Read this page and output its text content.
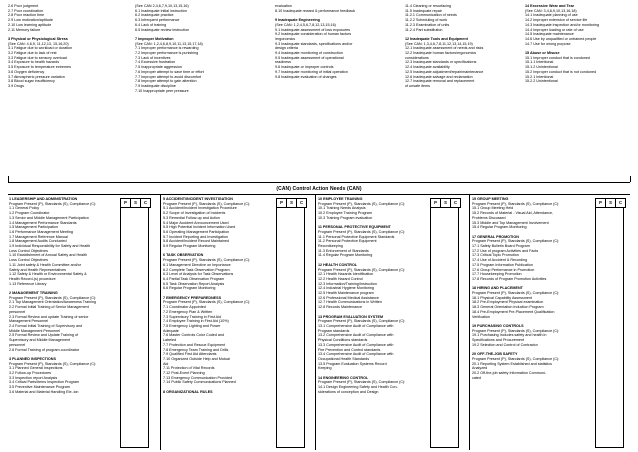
2.6 Poor judgment
2.7 Poor coordination
2.8 Poor reaction time
2.9 Low motivation/aptitude
2.10 Low learning aptitude
2.11 Memory failure

3 Physical or Physiological Stress
(See CAN: 4,6,9, 11,12,13, 15,16,20)
3.1 Fatigue due to workload or duration
3.2 Fatigue due to lack of rest
3.3 Fatigue due to sensory overload
3.4 Exposure to health hazards
3.5 Exposure to temperature extremes
3.6 Oxygen deficiency
3.7 Atmospheric pressure variation
3.8 Blood sugar insufficiency
3.9 Drugs
(See CAN 2,4,6,7,9,10,13,15,16)
6.1 Inadequate initial instruction
6.2 Inadequate practice
6.3 Infrequent performance
6.4 Lack of training
6.5 Inadequate review instruction

7 Improper Motivation
(See CAN: 1,2,4,6,8,9,10,11,13,15,17,18)
7.1 Improper performance is rewarding
7.2 Improper performance is punishing
7.3 Lack of incentives
7.4 Excessive frustration
7.5 Inappropriate aggression
7.6 Improper attempt to save time or effort
7.7 Improper attempt to avoid discomfort
7.8 Improper attempt to gain attention
7.9 Inadequate discipline
7.10 Inappropriate peer pressure
evaluation
8.10 Inadequate reward & performance feedback

9 Inadequate Engineering
(See CAN: 1,2,4,5,6,7,8,12,13,15,16)
9.1 Inadequate assessment of loss exposures
9.2 Inadequate consideration of human factors
/ergonomics
9.3 Inadequate standards, specifications and/or
design criteria
9.4 Inadequate monitoring of construction
9.5 Inadequate assessment of operational
readiness
9.6 Inadequate or improper controls
9.7 Inadequate monitoring of initial operation
9.8 Inadequate evaluation of changes
11.4 Cleaning or resurfacing
11.5 Inadequate repair
11.2.1 Communication of needs
11.2.2 Scheduling of work
11.2.3 Examination of units
11.2.4 Part substitution

12 Inadequate Tools and Equipment
(See CAN: 1,3,4,6,7,8,11,12,13,14,15,19)
12.1 Inadequate assessment of needs and risks
12.2 Inadequate human factors/ergonomics
considerations
12.3 Inadequate standards or specifications
12.4 Inadequate availability
12.5 Inadequate adjustment/repair/maintenance
12.6 Inadequate salvage and reclamation
12.7 Inadequate removal and replacement
of unsafe items
14 Excessive Wear and Tear
(See CAN: 3,4,8,9,10,13,16,18)
14.1 Inadequate planning of use
14.2 Improper extension of service life
14.3 Inadequate inspection and/or monitoring
14.4 Improper loading or rate of use
14.5 Inadequate maintenance
14.6 Use by unqualified or untrained people
14.7 Use for wrong purpose

15 Abuse or Misuse
15.1 Improper conduct that is condoned
15.1.1 Intentional
15.1.2 Unintentional
15.2 Improper conduct that is not condoned
15.2.1 Intentional
15.2.2 Unintentional
(CAN) Control Action Needs (CAN)
1 LEADERSHIP AND ADMINISTRATION
Program Present (P), Standards (S), Compliance (C):
1.1 General Policy
1.2 Program Coordinator
1.3 Senior and Middle Management Participation
1.4 Management Performance Standards
1.5 Management Participation
1.6 Performance Management Meeting
1.7 Management Reference Manual
1.8 Management Audits Conducted
1.9 Individual Responsibility for Safety and Health
Loss Control Objectives
1.10 Establishment of Annual Safety and Health
Loss Control Objectives
1.11 Joint safety & Health Committee and/or
Safety and Health Representatives
1.12 Safety & Health or Environmental Safety &
Health Record-(s) procedure
1.13 Reference Library

2 MANAGEMENT TRAINING
Program Present (P), Standards (S), Compliance (C):
2.1 Top Management Orientation/Awareness Training
2.2 Formal Initial Training of Senior Management
personnel
2.3 Formal Review and update Training of senior
Management Personnel
2.4 Formal Initial Training of Supervisory and
Middle Management Personnel
2.5 Formal Review and Update Training of
Supervisory and Middle Management
personnel
2.6 Formal Training of program coordinator

3 PLANNED INSPECTIONS
Program Present (P), Standards (S), Compliance (C):
3.1 Planned General Inspections
3.2 Follow-up Procedures
3.3 Inspection report Analysis
3.4 Critical Parts/Items Inspection Program
3.5 Preventive Maintenance Program
3.6 Material and Material Handling Ele..ion
5 ACCIDENT/INCIDENT INVESTIGATION
Program Present (P), Standards (S), Compliance (C):
5.1 Accident/Incident Investigation Procedure
5.2 Scope of Investigation of Incidents
5.3 Remedial Follow-up and Action
5.4 Major Accident Announcement Used
5.5 High Potential Incident Information Used
5.6 Operating Management Participation
5.7 Incident Reporting and Investigation
5.8 Accident/Incident Record Maintained
5.9 Regular Program Monitoring

6 TASK OBSERVATION
Program Present (P), Standards (S), Compliance (C):
6.1 Management Directive on Importance
6.2 Complete Task Observation Program
6.3 Level of Analysis for Task Observations
6.4 Partial Task Observation Program
6.5 Task Observation Report Analysis
6.6 Regular Program Monitoring

7 EMERGENCY PREPAREDNESS
Program Present (P), Standards (S), Compliance (C):
7.1 Coordinator Appointed
7.2 Emergency Plan & Written
7.3 Supervisory Training in First Aid
7.4 Employee Training in First Aid (10%)
7.5 Emergency Lighting and Power
Adequate
7.6 Master Controls Color Coded and
Labeled
7.7 Protection and Rescue Equipment
7.8 Emergency Team Training and Drills
7.9 Qualified First Aid Attendants
7.10 Organized Outside Help and Mutual
Aid
7.11 Protection of Vital Records
7.12 Post-Event Planning
7.13 Emergency Communication Provided
7.14 Public Safety Communications Planned

8 ORGANIZATIONAL RULES
10 EMPLOYEE TRAINING
Program Present (P), Standards (S), Compliance (C):
10.1 Training Needs Analysis
10.2 Employee Training Program
10.3 Training Program evaluation

11 PERSONAL PROTECTIVE EQUIPMENT
Program Present (P), Standards (S), Compliance (C):
11.1 Personal Protective Equipment Standards
11.2 Personal Protective Equipment
Recordkeeping
11.3 Enforcement of Standards
11.4 Regular Program Monitoring

12 HEALTH CONTROL
Program Present (P), Standards (S), Compliance (C):
12.1 Health Hazards Identification
12.2 Health Hazard Control
12.3 Information/Training/Instruction
12.4 Industrial Hygiene Monitoring
12.5 Health Maintenance program
12.6 Professional Medical Assistance
12.7 Health Communications in Written
12.8 Records Maintenance

13 PROGRAM EVALUATION SYSTEM
Program Present (P), Standards (S), Compliance (C):
13.1 Comprehensive Audit of Compliance with
Program standards
13.2 Comprehensive Audit of Compliance with
Physical Conditions standards
13.3 Comprehensive Audit of Compliance with
Fire Prevention and Control standards
13.4 Comprehensive Audit of Compliance with
Occupational Health Standards
13.5 Program Evaluation Systems Record
Keeping

14 ENGINEERING CONTROL
Program Present (P), Standards (S), Compliance (C):
14.1 Design Engineering Safety and Health Con-
siderations of conception and Design
15 GROUP MEETING
Program Present (P), Standards (S), Compliance (C):
15.1 Group Meeting Held
15.2 Records of Material - Visual Aid, Attendance,
Problems Discussed
15.3 Middle and Top Management Involvement
15.4 Regular Program Monitoring

17 GENERAL PROMOTION
Program Present (P), Standards (S), Compliance (C):
17.1 Safety Bulletin Board Program
17.2 Use of program Activities and Facts
17.3 Critical Topic Promotion
17.4 Use of Accident & Recording
17.5 Program Information Publication
17.6 Group Performance in Promotion
17.7 Housekeeping Promotion
17.8 Records of Program Promotion Activities

18 HIRING AND PLACEMENT
Program Present (P), Standards (S), Compliance (C):
18.1 Physical Capability Assessment
18.2 Pre-Employment Physical examination
18.3 General Orientation Induction Program
18.4 Pre-Employment Pre-Placement Qualification
Verification

19 PURCHASING CONTROLS
Program Present (P), Standards (S), Compliance (C):
19.1 Purchasing Includes safety and health in
Specifications and Procurement
19.2 Selection and Control of Contractor

20 OFF-THE-JOB SAFETY
Program Present (P), Standards (S), Compliance (C):
20.1 Reporting System Established and statistics
Analyzed
20.2 Off-the-job safety Information Communi-
cated
P	S	C	P	S	C	P	S	C	P	S	C
